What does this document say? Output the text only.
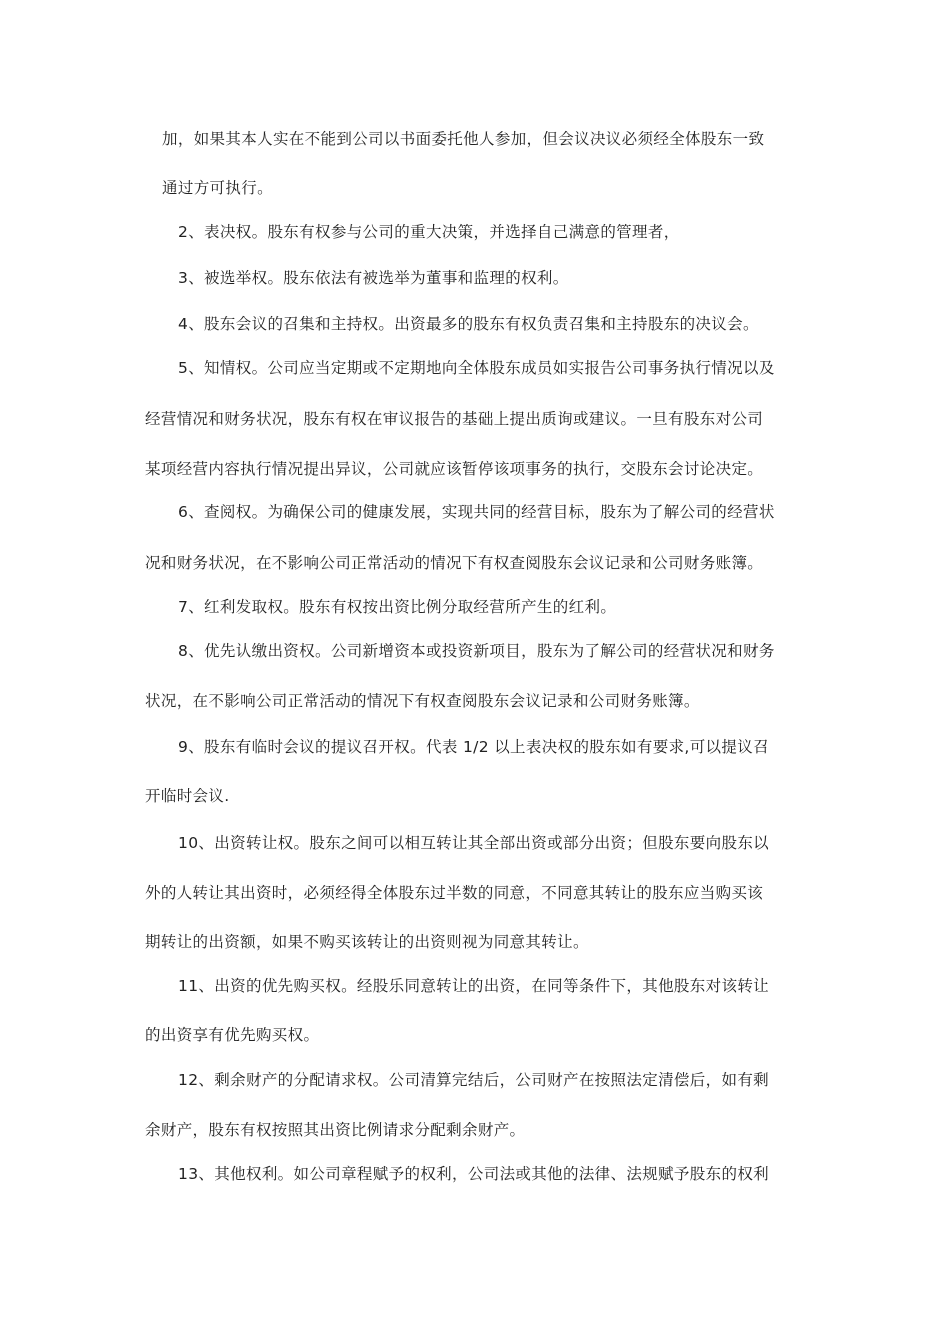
加，如果其本人实在不能到公司以书面委托他人参加，但会议决议必须经全体股东一致
通过方可执行。
2、表决权。股东有权参与公司的重大决策，并选择自己满意的管理者，
3、被选举权。股东依法有被选举为董事和监理的权利。
4、股东会议的召集和主持权。出资最多的股东有权负责召集和主持股东的决议会。
5、知情权。公司应当定期或不定期地向全体股东成员如实报告公司事务执行情况以及
经营情况和财务状况，股东有权在审议报告的基础上提出质询或建议。一旦有股东对公司
某项经营内容执行情况提出异议，公司就应该暂停该项事务的执行，交股东会讨论决定。
6、查阅权。为确保公司的健康发展，实现共同的经营目标，股东为了解公司的经营状
况和财务状况，在不影响公司正常活动的情况下有权查阅股东会议记录和公司财务账簿。
7、红利发取权。股东有权按出资比例分取经营所产生的红利。
8、优先认缴出资权。公司新增资本或投资新项目，股东为了解公司的经营状况和财务
状况，在不影响公司正常活动的情况下有权查阅股东会议记录和公司财务账簿。
9、股东有临时会议的提议召开权。代表 1/2 以上表决权的股东如有要求,可以提议召
开临时会议.
10、出资转让权。股东之间可以相互转让其全部出资或部分出资；但股东要向股东以
外的人转让其出资时，必须经得全体股东过半数的同意，不同意其转让的股东应当购买该
期转让的出资额，如果不购买该转让的出资则视为同意其转让。
11、出资的优先购买权。经股乐同意转让的出资，在同等条件下，其他股东对该转让
的出资享有优先购买权。
12、剩余财产的分配请求权。公司清算完结后，公司财产在按照法定清偿后，如有剩
余财产，股东有权按照其出资比例请求分配剩余财产。
13、其他权利。如公司章程赋予的权利，公司法或其他的法律、法规赋予股东的权利
